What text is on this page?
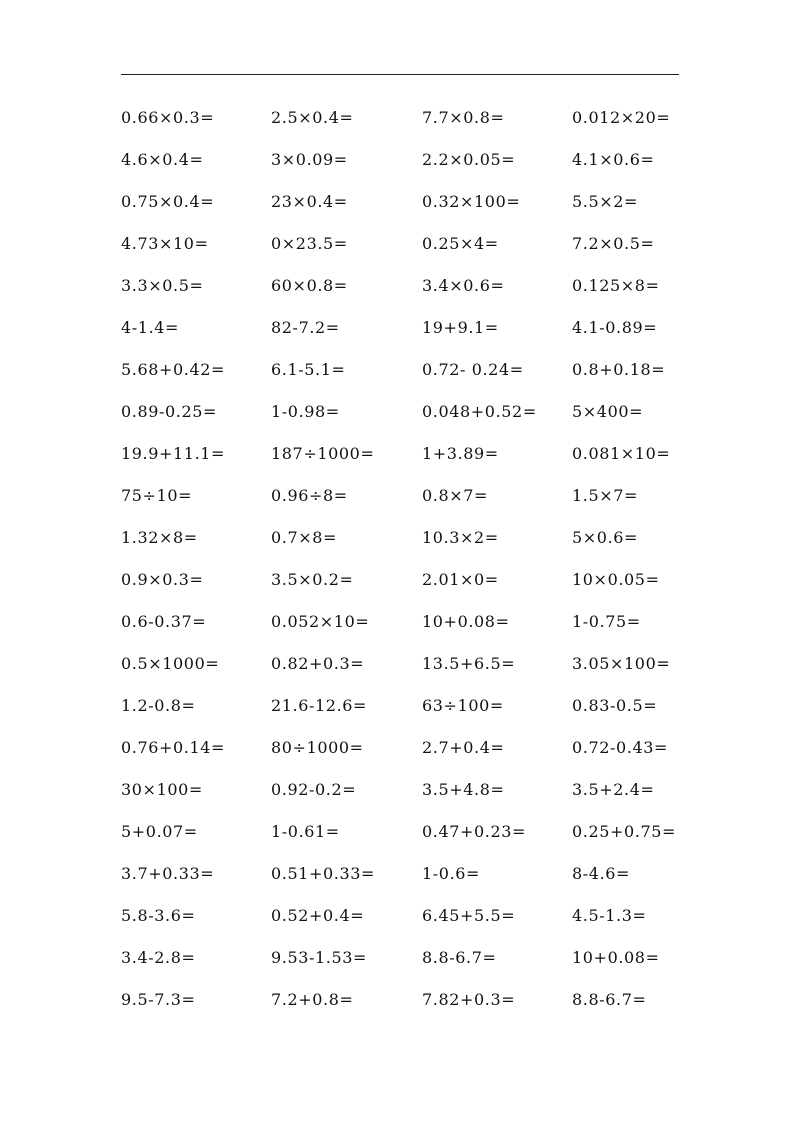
0.66×0.3=	2.5×0.4=	7.7×0.8=	0.012×20=
4.6×0.4=	3×0.09=	2.2×0.05=	4.1×0.6=
0.75×0.4=	23×0.4=	0.32×100=	5.5×2=
4.73×10=	0×23.5=	0.25×4=	7.2×0.5=
3.3×0.5=	60×0.8=	3.4×0.6=	0.125×8=
4-1.4=	82-7.2=	19+9.1=	4.1-0.89=
5.68+0.42=	6.1-5.1=	0.72- 0.24=	0.8+0.18=
0.89-0.25=	1-0.98=	0.048+0.52= 5×400=
19.9+11.1=	187÷1000=	1+3.89=	0.081×10=
75÷10=	0.96÷8=	0.8×7=	1.5×7=
1.32×8=	0.7×8=	10.3×2=	5×0.6=
0.9×0.3=	3.5×0.2=	2.01×0=	10×0.05=
0.6-0.37=	0.052×10=	10+0.08=	1-0.75=
0.5×1000=	0.82+0.3=	13.5+6.5=	3.05×100=
1.2-0.8=	21.6-12.6=	63÷100=	0.83-0.5=
0.76+0.14=	80÷1000=	2.7+0.4=	0.72-0.43=
30×100=	0.92-0.2=	3.5+4.8=	3.5+2.4=
5+0.07=	1-0.61=	0.47+0.23=	0.25+0.75=
3.7+0.33=	0.51+0.33=	1-0.6=	8-4.6=
5.8-3.6=	0.52+0.4=	6.45+5.5=	4.5-1.3=
3.4-2.8=	9.53-1.53=	8.8-6.7=	10+0.08=
9.5-7.3=	7.2+0.8=	7.82+0.3=	8.8-6.7=
